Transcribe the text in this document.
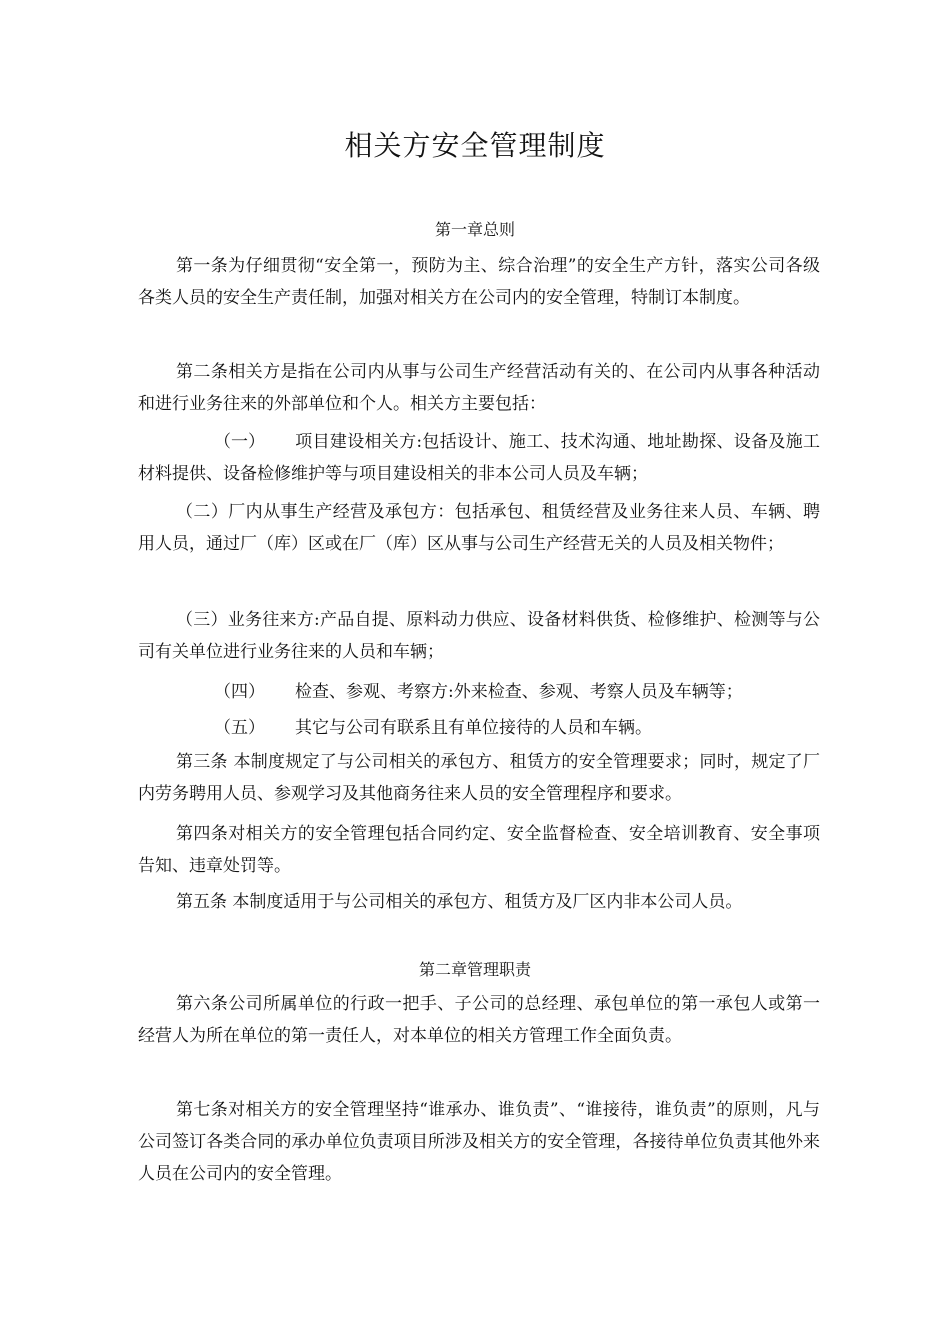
相关方安全管理制度
第一章总则
第一条为仔细贯彻“安全第一，预防为主、综合治理”的安全生产方针，落实公司各级各类人员的安全生产责任制，加强对相关方在公司内的安全管理，特制订本制度。
第二条相关方是指在公司内从事与公司生产经营活动有关的、在公司内从事各种活动和进行业务往来的外部单位和个人。相关方主要包括：
（一） 项目建设相关方:包括设计、施工、技术沟通、地址勘探、设备及施工材料提供、设备检修维护等与项目建设相关的非本公司人员及车辆；
（二）厂内从事生产经营及承包方：包括承包、租赁经营及业务往来人员、车辆、聘用人员，通过厂（库）区或在厂（库）区从事与公司生产经营无关的人员及相关物件；
（三）业务往来方:产品自提、原料动力供应、设备材料供货、检修维护、检测等与公司有关单位进行业务往来的人员和车辆；
（四） 检查、参观、考察方:外来检查、参观、考察人员及车辆等；
（五） 其它与公司有联系且有单位接待的人员和车辆。
第三条 本制度规定了与公司相关的承包方、租赁方的安全管理要求；同时，规定了厂内劳务聘用人员、参观学习及其他商务往来人员的安全管理程序和要求。
第四条对相关方的安全管理包括合同约定、安全监督检查、安全培训教育、安全事项告知、违章处罚等。
第五条 本制度适用于与公司相关的承包方、租赁方及厂区内非本公司人员。
第二章管理职责
第六条公司所属单位的行政一把手、子公司的总经理、承包单位的第一承包人或第一经营人为所在单位的第一责任人，对本单位的相关方管理工作全面负责。
第七条对相关方的安全管理坚持“谁承办、谁负责”、“谁接待，谁负责”的原则，凡与公司签订各类合同的承办单位负责项目所涉及相关方的安全管理，各接待单位负责其他外来人员在公司内的安全管理。
